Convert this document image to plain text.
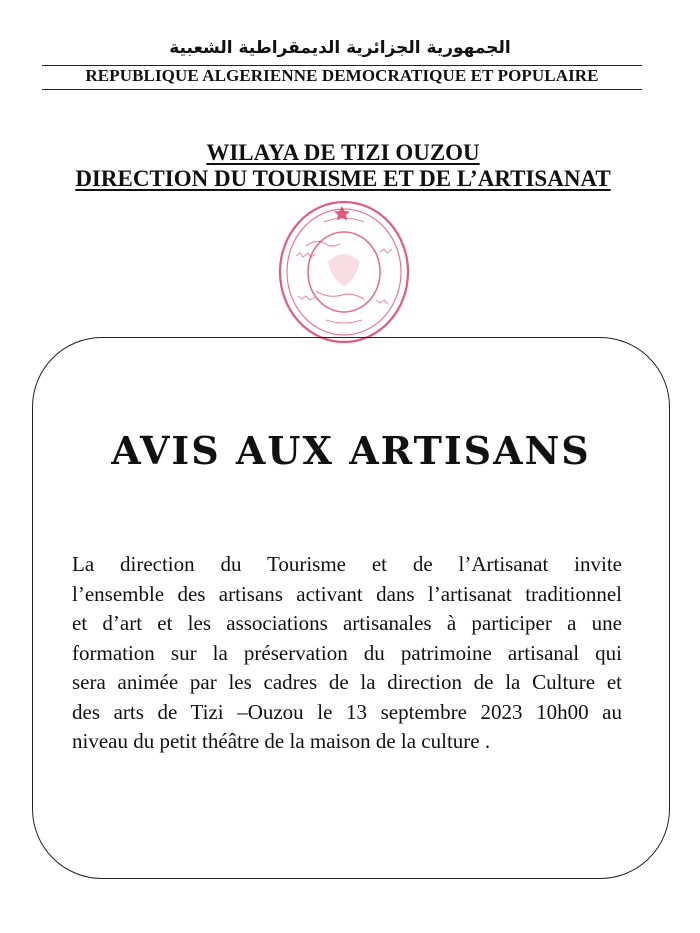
الجمهورية الجزائرية الديمقراطية الشعبية
REPUBLIQUE ALGERIENNE DEMOCRATIQUE ET POPULAIRE
WILAYA DE TIZI OUZOU
DIRECTION DU TOURISME ET DE L’ARTISANAT
AVIS AUX ARTISANS
La direction du Tourisme et de l’Artisanat invite
l’ensemble des artisans activant dans l’artisanat traditionnel
et d’art et les associations artisanales à participer a une
formation sur la préservation du patrimoine artisanal qui
sera animée par les cadres de la direction de la Culture et
des arts de Tizi –Ouzou le 13 septembre 2023 10h00 au
niveau du petit théâtre de la maison de la culture .
